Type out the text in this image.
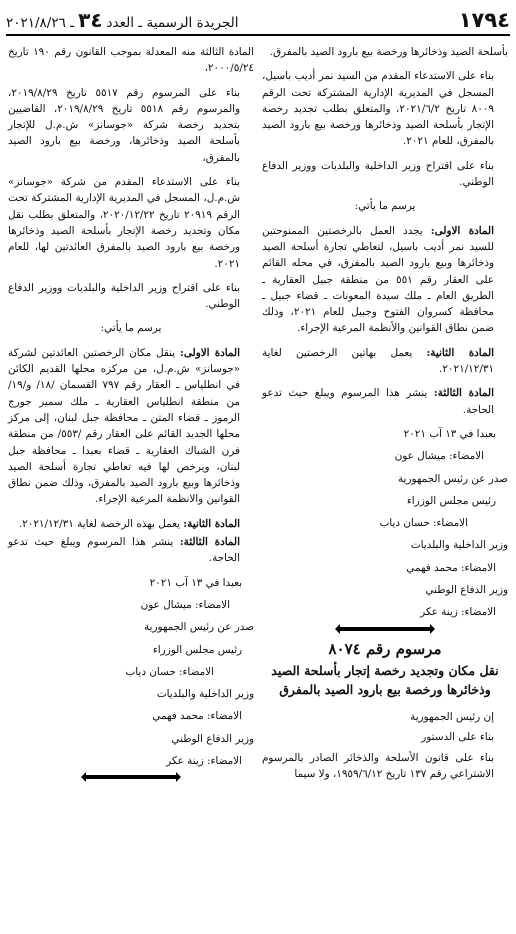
١٧٩٤
الجريدة الرسمية ـ العدد
٣٤
ـ ٢٠٢١/٨/٢٦

بأسلحة الصيد وذخائرها ورخصة بيع بارود الصيد بالمفرق.

بناء على الاستدعاء المقدم من السيد نمر أديب باسيل، المسجل في المديرية الإدارية المشتركة تحت الرقم ٨٠٠٩ تاريخ ٢٠٢١/٦/٢، والمتعلق بطلب تجديد رخصة الإتجار بأسلحة الصيد وذخائرها ورخصة بيع بارود الصيد بالمفرق، للعام ٢٠٢١.

بناء على اقتراح وزير الداخلية والبلديات ووزير الدفاع الوطني.

يرسم ما يأتي:

المادة الاولى: يجدد العمل بالرخصتين الممنوحتين للسيد نمر أديب باسيل، لتعاطي تجارة أسلحة الصيد وذخائرها وبيع بارود الصيد بالمفرق، في محله القائم على العقار رقم ٥٥١ من منطقة جبيل العقارية ـ الطريق العام ـ ملك سيدة المعونات ـ قضاء جبيل ـ محافظة كسروان الفتوح وجبيل للعام ٢٠٢١، وذلك ضمن نطاق القوانين والأنظمة المرعية الإجراء.

المادة الثانية: يعمل بهاتين الرخصتين لغاية ٢٠٢١/١٢/٣١.

المادة الثالثة: ينشر هذا المرسوم ويبلغ حيث تدعو الحاجة.

بعبدا في ١٣ آب ٢٠٢١
الامضاء: ميشال عون
صدر عن رئيس الجمهورية
رئيس مجلس الوزراء
الامضاء: حسان دياب
وزير الداخلية والبلديات
الامضاء: محمد فهمي
وزير الدفاع الوطني
الامضاء: زينة عكر
مرسوم رقم ٨٠٧٤
نقل مكان وتجديد رخصة إتجار بأسلحة الصيد وذخائرها ورخصة بيع بارود الصيد بالمفرق

إن رئيس الجمهورية

بناء على الدستور

بناء على قانون الأسلحة والذخائر الصادر بالمرسوم الاشتراعي رقم ١٣٧ تاريخ ١٩٥٩/٦/١٢، ولا سيما

المادة الثالثة منه المعدلة بموجب القانون رقم ١٩٠ تاريخ ٢٠٠٠/٥/٢٤،

بناء على المرسوم رقم ٥٥١٧ تاريخ ٢٠١٩/٨/٢٩، والمرسوم رقم ٥٥١٨ تاريخ ٢٠١٩/٨/٢٩، القاضيين بتجديد رخصة شركة «جوسانز» ش.م.ل للإتجار بأسلحة الصيد وذخائرها، ورخصة بيع بارود الصيد بالمفرق،

بناء على الاستدعاء المقدم من شركة «جوسانز» ش.م.ل، المسجل في المديرية الإدارية المشتركة تحت الرقم ٢٠٩١٩ تاريخ ٢٠٢٠/١٢/٢٢، والمتعلق بطلب نقل مكان وتجديد رخصة الإتجار بأسلحة الصيد وذخائرها ورخصة بيع بارود الصيد بالمفرق العائدتين لها، للعام ٢٠٢١.

بناء على اقتراح وزير الداخلية والبلديات ووزير الدفاع الوطني.

يرسم ما يأتي:

المادة الاولى: ينقل مكان الرخصتين العائدتين لشركة «جوسانز» ش.م.ل، من مركزه محلها القديم الكائن في انطلياس ـ العقار رقم ٧٩٧ القسمان /١٨/ و/١٩/ من منطقة انطلياس العقارية ـ ملك سمير جورج الرموز ـ قضاء المتن ـ محافظة جبل لبنان، إلى مركز محلها الجديد القائم على العقار رقم /٥٥٣/ من منطقة فرن الشباك العقارية ـ قضاء بعبدا ـ محافظة جبل لبنان، ويرخص لها فيه تعاطي تجارة أسلحة الصيد وذخائرها وبيع بارود الصيد بالمفرق، وذلك ضمن نطاق القوانين والانظمة المرعية الإجراء.

المادة الثانية: يعمل بهذه الرخصة لغاية ٢٠٢١/١٢/٣١.

المادة الثالثة: ينشر هذا المرسوم ويبلغ حيث تدعو الحاجة.

بعبدا في ١٣ آب ٢٠٢١
الامضاء: ميشال عون
صدر عن رئيس الجمهورية
رئيس مجلس الوزراء
الامضاء: حسان دياب
وزير الداخلية والبلديات
الامضاء: محمد فهمي
وزير الدفاع الوطني
الامضاء: زينة عكر
